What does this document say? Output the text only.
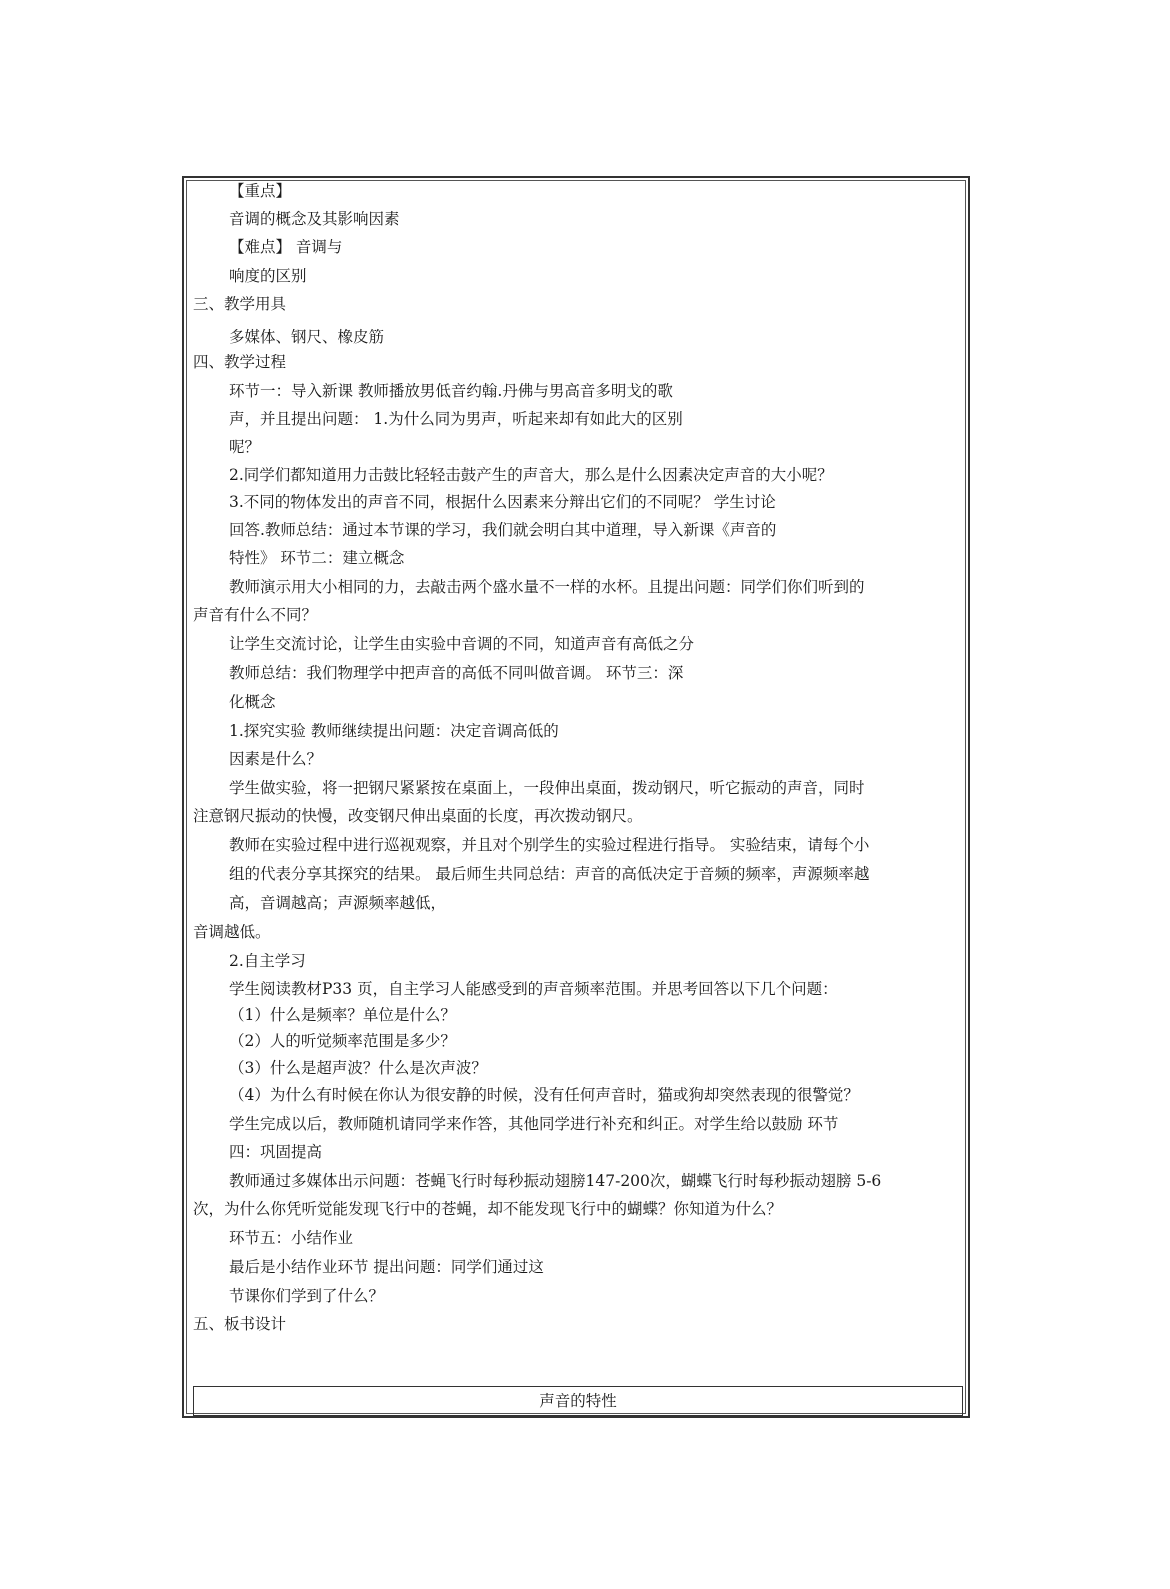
【重点】
音调的概念及其影响因素
【难点】 音调与
响度的区别
三、教学用具
多媒体、钢尺、橡皮筋
四、教学过程
环节一：导入新课 教师播放男低音约翰.丹佛与男高音多明戈的歌
声，并且提出问题： 1.为什么同为男声，听起来却有如此大的区别
呢？
2.同学们都知道用力击鼓比轻轻击鼓产生的声音大，那么是什么因素决定声音的大小呢？
3.不同的物体发出的声音不同，根据什么因素来分辩出它们的不同呢？ 学生讨论
回答.教师总结：通过本节课的学习，我们就会明白其中道理，导入新课《声音的
特性》 环节二：建立概念
教师演示用大小相同的力，去敲击两个盛水量不一样的水杯。且提出问题：同学们你们听到的
声音有什么不同？
让学生交流讨论，让学生由实验中音调的不同，知道声音有高低之分
教师总结：我们物理学中把声音的高低不同叫做音调。 环节三：深
化概念
1.探究实验 教师继续提出问题：决定音调高低的
因素是什么？
学生做实验，将一把钢尺紧紧按在桌面上，一段伸出桌面，拨动钢尺，听它振动的声音，同时
注意钢尺振动的快慢，改变钢尺伸出桌面的长度，再次拨动钢尺。
教师在实验过程中进行巡视观察，并且对个别学生的实验过程进行指导。 实验结束，请每个小
组的代表分享其探究的结果。 最后师生共同总结：声音的高低决定于音频的频率，声源频率越
高，音调越高；声源频率越低，
音调越低。
2.自主学习
学生阅读教材P33 页，自主学习人能感受到的声音频率范围。并思考回答以下几个问题：
（1）什么是频率？单位是什么？
（2）人的听觉频率范围是多少？
（3）什么是超声波？什么是次声波？
（4）为什么有时候在你认为很安静的时候，没有任何声音时，猫或狗却突然表现的很警觉？
学生完成以后，教师随机请同学来作答，其他同学进行补充和纠正。对学生给以鼓励 环节
四：巩固提高
教师通过多媒体出示问题：苍蝇飞行时每秒振动翅膀147-200次，蝴蝶飞行时每秒振动翅膀 5-6
次，为什么你凭听觉能发现飞行中的苍蝇，却不能发现飞行中的蝴蝶？你知道为什么？
环节五：小结作业
最后是小结作业环节 提出问题：同学们通过这
节课你们学到了什么？
五、板书设计
声音的特性
